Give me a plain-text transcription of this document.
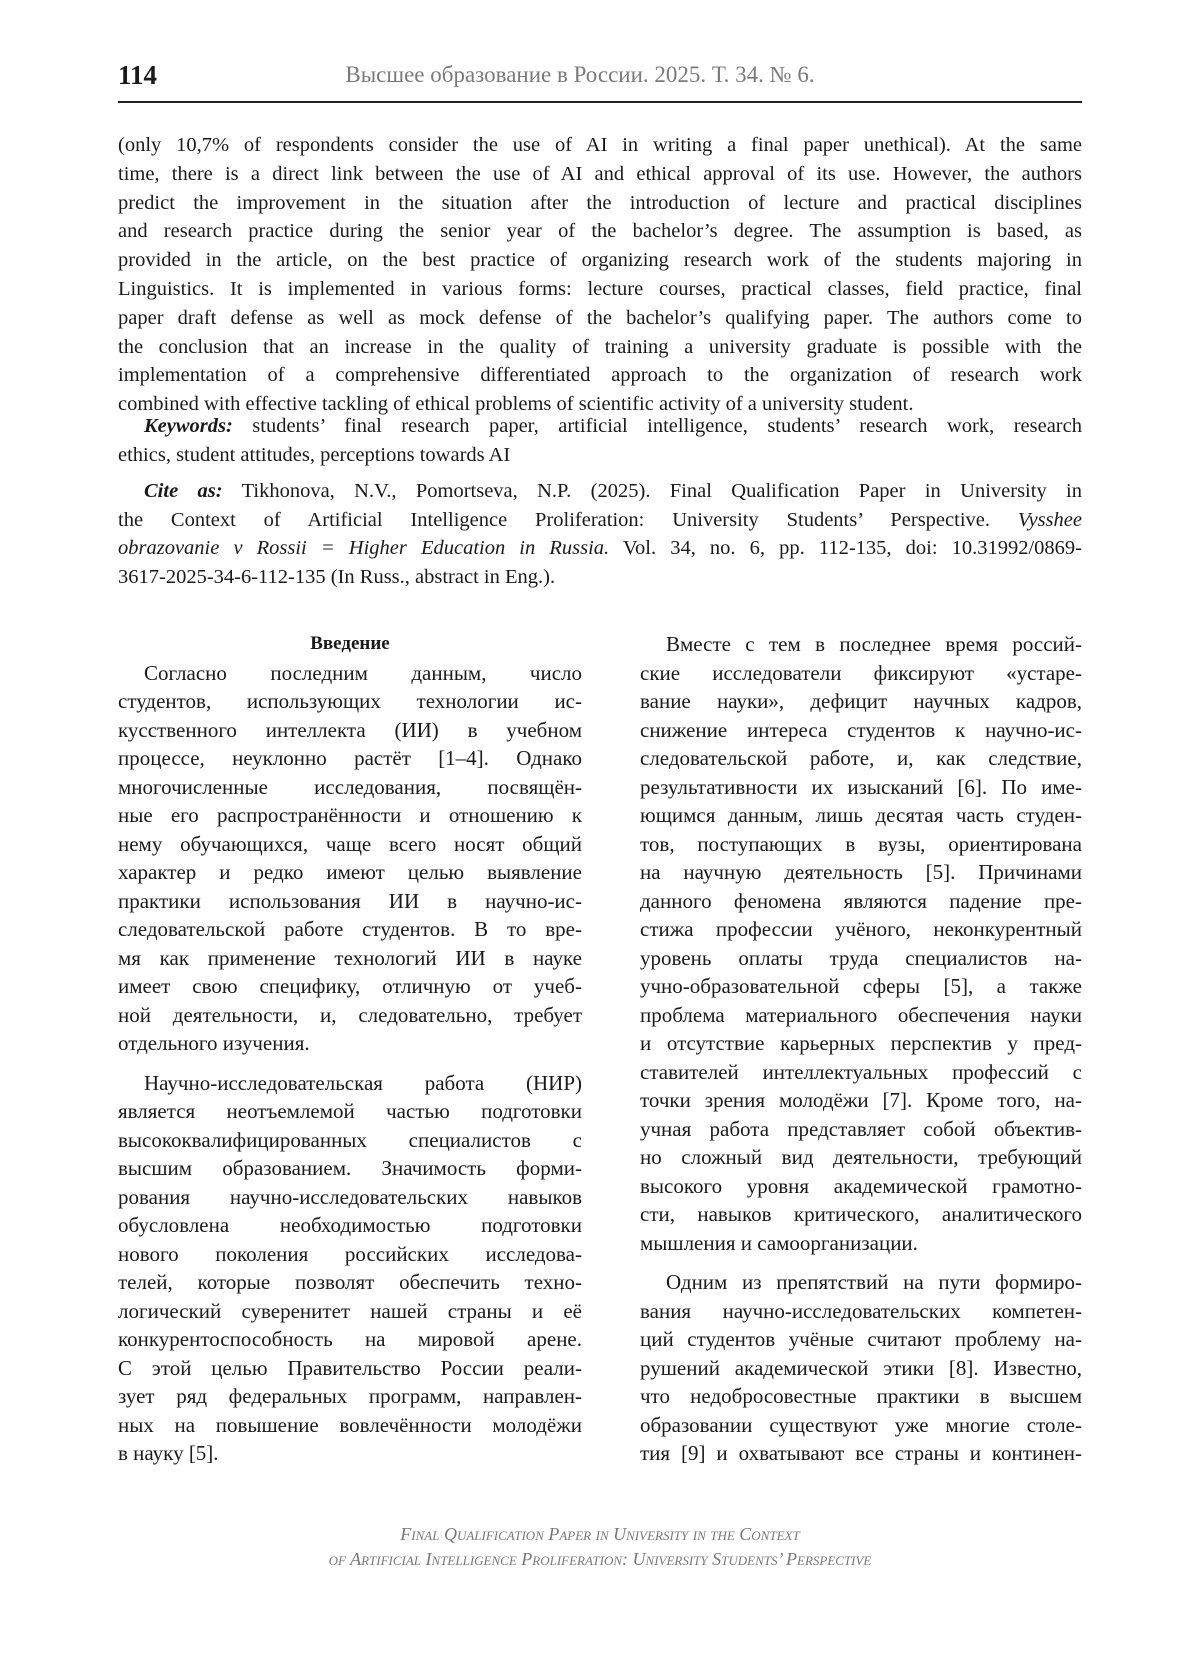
114	Высшее образование в России. 2025. Т. 34. № 6.
(only 10,7% of respondents consider the use of AI in writing a final paper unethical). At the same
time, there is a direct link between the use of AI and ethical approval of its use. However, the authors
predict the improvement in the situation after the introduction of lecture and practical disciplines
and research practice during the senior year of the bachelor’s degree. The assumption is based, as
provided in the article, on the best practice of organizing research work of the students majoring in
Linguistics. It is implemented in various forms: lecture courses, practical classes, field practice, final
paper draft defense as well as mock defense of the bachelor’s qualifying paper. The authors come to
the conclusion that an increase in the quality of training a university graduate is possible with the
implementation of a comprehensive differentiated approach to the organization of research work
combined with effective tackling of ethical problems of scientific activity of a university student.
Keywords: students’ final research paper, artificial intelligence, students’ research work, research
ethics, student attitudes, perceptions towards AI
Cite as: Tikhonova, N.V., Pomortseva, N.P. (2025). Final Qualification Paper in University in
the Context of Artificial Intelligence Proliferation: University Students’ Perspective. Vysshee
obrazovanie v Rossii = Higher Education in Russia. Vol. 34, no. 6, pp. 112-135, doi: 10.31992/0869-
3617-2025-34-6-112-135 (In Russ., abstract in Eng.).
Введение
Согласно последним данным, число
студентов, использующих технологии ис-
кусственного интеллекта (ИИ) в учебном
процессе, неуклонно растёт [1–4]. Однако
многочисленные исследования, посвящён-
ные его распространённости и отношению к
нему обучающихся, чаще всего носят общий
характер и редко имеют целью выявление
практики использования ИИ в научно-ис-
следовательской работе студентов. В то вре-
мя как применение технологий ИИ в науке
имеет свою специфику, отличную от учеб-
ной деятельности, и, следовательно, требует
отдельного изучения.
Научно-исследовательская работа (НИР)
является неотъемлемой частью подготовки
высококвалифицированных специалистов с
высшим образованием. Значимость форми-
рования научно-исследовательских навыков
обусловлена необходимостью подготовки
нового поколения российских исследова-
телей, которые позволят обеспечить техно-
логический суверенитет нашей страны и её
конкурентоспособность на мировой арене.
С этой целью Правительство России реали-
зует ряд федеральных программ, направлен-
ных на повышение вовлечённости молодёжи
в науку [5].
Вместе с тем в последнее время россий-
ские исследователи фиксируют «устаре-
вание науки», дефицит научных кадров,
снижение интереса студентов к научно-ис-
следовательской работе, и, как следствие,
результативности их изысканий [6]. По име-
ющимся данным, лишь десятая часть студен-
тов, поступающих в вузы, ориентирована
на научную деятельность [5]. Причинами
данного феномена являются падение пре-
стижа профессии учёного, неконкурентный
уровень оплаты труда специалистов на-
учно-образовательной сферы [5], а также
проблема материального обеспечения науки
и отсутствие карьерных перспектив у пред-
ставителей интеллектуальных профессий с
точки зрения молодёжи [7]. Кроме того, на-
учная работа представляет собой объектив-
но сложный вид деятельности, требующий
высокого уровня академической грамотно-
сти, навыков критического, аналитического
мышления и самоорганизации.
Одним из препятствий на пути формиро-
вания научно-исследовательских компетен-
ций студентов учёные считают проблему на-
рушений академической этики [8]. Известно,
что недобросовестные практики в высшем
образовании существуют уже многие столе-
тия [9] и охватывают все страны и континен-
Final Qualification Paper in University in the Context
of Artificial Intelligence Proliferation: University Students’ Perspective
